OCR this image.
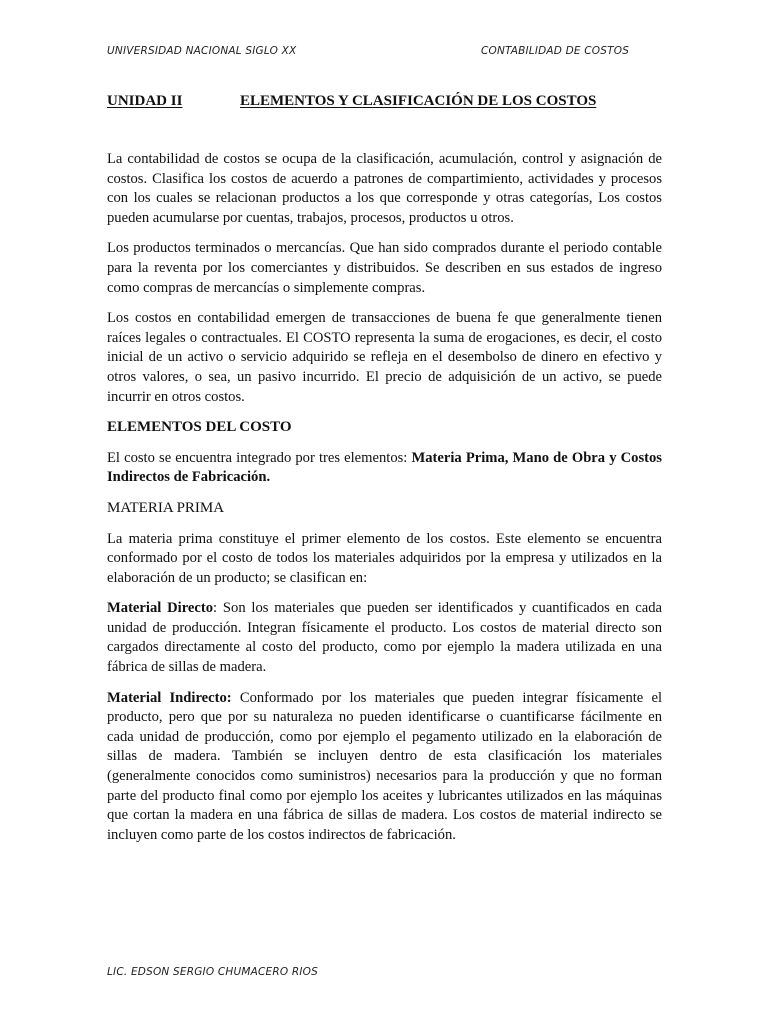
UNIVERSIDAD NACIONAL SIGLO XX	CONTABILIDAD DE COSTOS
UNIDAD II	ELEMENTOS Y CLASIFICACIÓN DE LOS COSTOS

La contabilidad de costos se ocupa de la clasificación, acumulación, control y asignación de costos. Clasifica los costos de acuerdo a patrones de compartimiento, actividades y procesos con los cuales se relacionan productos a los que corresponde y otras categorías, Los costos pueden acumularse por cuentas, trabajos, procesos, productos u otros.

Los productos terminados o mercancías. Que han sido comprados durante el periodo contable para la reventa por los comerciantes y distribuidos. Se describen en sus estados de ingreso como compras de mercancías o simplemente compras.

Los costos en contabilidad emergen de transacciones de buena fe que generalmente tienen raíces legales o contractuales. El COSTO representa la suma de erogaciones, es decir, el costo inicial de un activo o servicio adquirido se refleja en el desembolso de dinero en efectivo y otros valores, o sea, un pasivo incurrido. El precio de adquisición de un activo, se puede incurrir en otros costos.

ELEMENTOS DEL COSTO

El costo se encuentra integrado por tres elementos: Materia Prima, Mano de Obra y Costos Indirectos de Fabricación.

MATERIA PRIMA

La materia prima constituye el primer elemento de los costos. Este elemento se encuentra conformado por el costo de todos los materiales adquiridos por la empresa y utilizados en la elaboración de un producto; se clasifican en:

Material Directo: Son los materiales que pueden ser identificados y cuantificados en cada unidad de producción. Integran físicamente el producto. Los costos de material directo son cargados directamente al costo del producto, como por ejemplo la madera utilizada en una fábrica de sillas de madera.

Material Indirecto: Conformado por los materiales que pueden integrar físicamente el producto, pero que por su naturaleza no pueden identificarse o cuantificarse fácilmente en cada unidad de producción, como por ejemplo el pegamento utilizado en la elaboración de sillas de madera. También se incluyen dentro de esta clasificación los materiales (generalmente conocidos como suministros) necesarios para la producción y que no forman parte del producto final como por ejemplo los aceites y lubricantes utilizados en las máquinas que cortan la madera en una fábrica de sillas de madera. Los costos de material indirecto se incluyen como parte de los costos indirectos de fabricación.

LIC. EDSON SERGIO CHUMACERO RIOS
